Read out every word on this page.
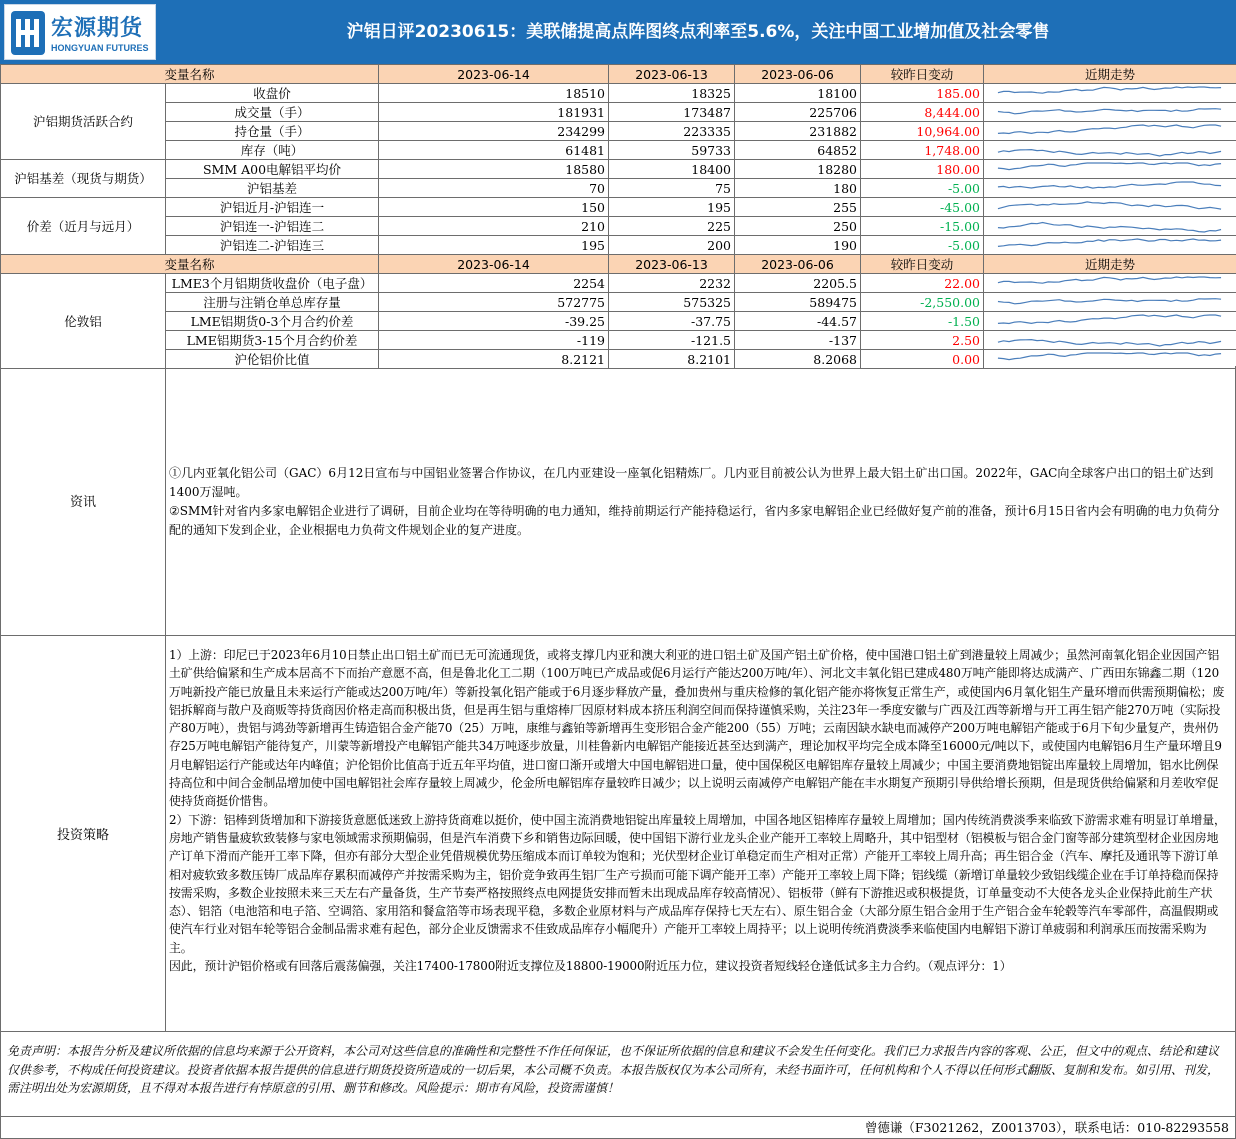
宏源期货
HONGYUAN FUTURES
沪铝日评20230615：美联储提高点阵图终点利率至5.6%，关注中国工业增加值及社会零售
变量名称		2023-06-14	2023-06-13	2023-06-06	较昨日变动	近期走势
沪铝期货活跃合约	收盘价	18510	18325	18100	185.00	

	成交量（手）	181931	173487	225706	8,444.00	

	持仓量（手）	234299	223335	231882	10,964.00	

	库存（吨）	61481	59733	64852	1,748.00	

沪铝基差（现货与期货）	SMM A00电解铝平均价	18580	18400	18280	180.00	

	沪铝基差	70	75	180	-5.00	

价差（近月与远月）	沪铝近月-沪铝连一	150	195	255	-45.00	

	沪铝连一-沪铝连二	210	225	250	-15.00	

	沪铝连二-沪铝连三	195	200	190	-5.00	

变量名称		2023-06-14	2023-06-13	2023-06-06	较昨日变动	近期走势
伦敦铝	LME3个月铝期货收盘价（电子盘）	2254	2232	2205.5	22.00	

	注册与注销仓单总库存量	572775	575325	589475	-2,550.00	

	LME铝期货0-3个月合约价差	-39.25	-37.75	-44.57	-1.50	

	LME铝期货3-15个月合约价差	-119	-121.5	-137	2.50	

	沪伦铝价比值	8.2121	8.2101	8.2068	0.00	
资讯
①几内亚氧化铝公司（GAC）6月12日宣布与中国铝业签署合作协议，在几内亚建设一座氧化铝精炼厂。几内亚目前被公认为世界上最大铝土矿出口国。2022年，GAC向全球客户出口的铝土矿达到1400万湿吨。
②SMM针对省内多家电解铝企业进行了调研，目前企业均在等待明确的电力通知，维持前期运行产能持稳运行，省内多家电解铝企业已经做好复产前的准备，预计6月15日省内会有明确的电力负荷分配的通知下发到企业，企业根据电力负荷文件规划企业的复产进度。
投资策略
1）上游：印尼已于2023年6月10日禁止出口铝土矿而已无可流通现货，或将支撑几内亚和澳大利亚的进口铝土矿及国产铝土矿价格，使中国港口铝土矿到港量较上周减少；虽然河南氧化铝企业因国产铝土矿供给偏紧和生产成本居高不下而抬产意愿不高，但是鲁北化工二期（100万吨已产成品或促6月运行产能达200万吨/年）、河北文丰氧化铝已建成480万吨产能即将达成满产、广西田东锦鑫二期（120万吨新投产能已放量且未来运行产能或达200万吨/年）等新投氧化铝产能或于6月逐步释放产量，叠加贵州与重庆检修的氧化铝产能亦将恢复正常生产，或使国内6月氧化铝生产量环增而供需预期偏松；废铝拆解商与散户及商贩等持货商因价格走高而积极出货，但是再生铝与重熔棒厂因原材料成本挤压利润空间而保持谨慎采购，关注23年一季度安徽与广西及江西等新增与开工再生铝产能270万吨（实际投产80万吨），贵铝与鸿劲等新增再生铸造铝合金产能70（25）万吨，康维与鑫铂等新增再生变形铝合金产能200（55）万吨；云南因缺水缺电而减停产200万吨电解铝产能或于6月下旬少量复产，贵州仍存25万吨电解铝产能待复产，川蒙等新增投产电解铝产能共34万吨逐步放量，川桂鲁新内电解铝产能接近甚至达到满产，理论加权平均完全成本降至16000元/吨以下，或使国内电解铝6月生产量环增且9月电解铝运行产能或达年内峰值；沪伦铝价比值高于近五年平均值，进口窗口渐开或增大中国电解铝进口量，使中国保税区电解铝库存量较上周减少；中国主要消费地铝锭出库量较上周增加，铝水比例保持高位和中间合金制品增加使中国电解铝社会库存量较上周减少，伦金所电解铝库存量较昨日减少；以上说明云南减停产电解铝产能在丰水期复产预期引导供给增长预期，但是现货供给偏紧和月差收窄促使持货商挺价惜售。
2）下游：铝棒到货增加和下游接货意愿低迷致上游持货商难以挺价，使中国主流消费地铝锭出库量较上周增加，中国各地区铝棒库存量较上周增加；国内传统消费淡季来临致下游需求难有明显订单增量，房地产销售量疲软致装修与家电领域需求预期偏弱，但是汽车消费下乡和销售边际回暖，使中国铝下游行业龙头企业产能开工率较上周略升，其中铝型材（铝模板与铝合金门窗等部分建筑型材企业因房地产订单下滑而产能开工率下降，但亦有部分大型企业凭借规模优势压缩成本而订单较为饱和；光伏型材企业订单稳定而生产相对正常）产能开工率较上周升高；再生铝合金（汽车、摩托及通讯等下游订单相对疲软致多数压铸厂成品库存累积而减停产并按需采购为主，铝价竞争致再生铝厂生产亏损而可能下调产能开工率）产能开工率较上周下降；铝线缆（新增订单量较少致铝线缆企业在手订单持稳而保持按需采购，多数企业按照未来三天左右产量备货，生产节奏严格按照终点电网提货安排而暂未出现成品库存较高情况）、铝板带（鲜有下游推迟或积极提货，订单量变动不大使各龙头企业保持此前生产状态）、铝箔（电池箔和电子箔、空调箔、家用箔和餐盒箔等市场表现平稳，多数企业原材料与产成品库存保持七天左右）、原生铝合金（大部分原生铝合金用于生产铝合金车轮毂等汽车零部件，高温假期或使汽车行业对铝车轮等铝合金制品需求难有起色，部分企业反馈需求不佳致成品库存小幅爬升）产能开工率较上周持平；以上说明传统消费淡季来临使国内电解铝下游订单疲弱和利润承压而按需采购为主。
因此，预计沪铝价格或有回落后震荡偏强，关注17400-17800附近支撑位及18800-19000附近压力位，建议投资者短线轻仓逢低试多主力合约。（观点评分：1）
免责声明：本报告分析及建议所依据的信息均来源于公开资料，本公司对这些信息的准确性和完整性不作任何保证，也不保证所依据的信息和建议不会发生任何变化。我们已力求报告内容的客观、公正，但文中的观点、结论和建议仅供参考，不构成任何投资建议。投资者依据本报告提供的信息进行期货投资所造成的一切后果，本公司概不负责。本报告版权仅为本公司所有，未经书面许可，任何机构和个人不得以任何形式翻版、复制和发布。如引用、刊发，需注明出处为宏源期货，且不得对本报告进行有悖原意的引用、删节和修改。风险提示：期市有风险，投资需谨慎！
曾德谦（F3021262，Z0013703），联系电话：010-82293558
